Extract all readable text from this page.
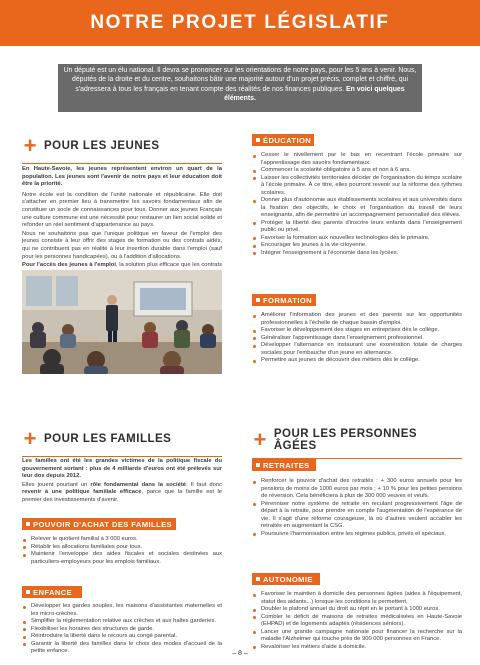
NOTRE PROJET LÉGISLATIF
Un député est un élu national. Il devra se prononcer sur les orientations de notre pays, pour les 5 ans à venir. Nous, députés de la droite et du centre, souhaitons bâtir une majorité autour d'un projet précis, complet et chiffré, qui s'adressera à tous les français en tenant compte des réalités de nos finances publiques. En voici quelques éléments.
+ POUR LES JEUNES

En Haute-Savoie, les jeunes représentent environ un quart de la population. Les jeunes sont l'avenir de notre pays et leur éducation doit être la priorité.

Notre école est la condition de l'unité nationale et républicaine. Elle doit s'attacher en premier lieu à transmettre les savoirs fondamentaux afin de constituer un socle de connaissances pour tous. Donner aux jeunes Français une culture commune est une nécessité pour restaurer un lien social solide et refonder un réel sentiment d'appartenance au pays.

Nous ne souhaitons pas que l'unique politique en faveur de l'emploi des jeunes consiste à leur offrir des stages de formation ou des contrats aidés, qui ne contribuent pas en réalité à leur insertion durable dans l'emploi (sauf pour les personnes handicapées), ou à l'addition d'allocations.

Pour l'accès des jeunes à l'emploi, la solution plus efficace que les contrats

ÉDUCATION
Cesser le nivellement par le bas en recentrant l'école primaire sur l'apprentissage des savoirs fondamentaux.
Commencer la scolarité obligatoire à 5 ans et non à 6 ans.
Laisser les collectivités territoriales décider de l'organisation du temps scolaire à l'école primaire. À ce titre, elles pourront revenir sur la réforme des rythmes scolaires.
Donner plus d'autonomie aux établissements scolaires et aux universités dans la fixation des objectifs, le choix et l'organisation du travail de leurs enseignants, afin de permettre un accompagnement personnalisé des élèves.
Protéger la liberté des parents d'inscrire leurs enfants dans l'enseignement public ou privé.
Favoriser la formation aux nouvelles technologies dès le primaire.
Encourager les jeunes à la vie citoyenne.
Intégrer l'enseignement à l'économie dans les lycées.
FORMATION
Améliorer l'information des jeunes et des parents sur les opportunités professionnelles à l'échelle de chaque bassin d'emploi.
Favoriser le développement des stages en entreprises dès le collège.
Généraliser l'apprentissage dans l'enseignement professionnel.
Développer l'alternance en instaurant une exonération totale de charges sociales pour l'embauche d'un jeune en alternance.
Permettre aux jeunes de découvrir des métiers dès le collège.
+ POUR LES FAMILLES

Les familles ont été les grandes victimes de la politique fiscale du gouvernement sortant : plus de 4 milliards d'euros ont été prélevés sur leur dos depuis 2012.

Elles jouent pourtant un rôle fondamental dans la société. Il faut donc revenir à une politique familiale efficace, parce que la famille est le premier des investissements d'avenir.

POUVOIR D'ACHAT DES FAMILLES
Relever le quotient familial à 3 000 euros.
Rétablir les allocations familiales pour tous.
Maintenir l'enveloppe des aides fiscales et sociales destinées aux particuliers-employeurs pour les emplois familiaux.
ENFANCE
Développer les gardes souples, les maisons d'assistantes maternelles et les micro-crèches.
Simplifier la réglementation relative aux crèches et aux haltes garderies.
Flexibiliser les horaires des structures de garde.
Réintroduire la liberté dans le recours au congé parental.
Garantir la liberté des familles dans le choix des modes d'accueil de la petite enfance.
+ POUR LES PERSONNES ÂGÉES
RETRAITES
Renforcer le pouvoir d'achat des retraités : + 300 euros annuels pour les pensions de moins de 1000 euros par mois ; + 10 % pour les petites pensions de réversion. Cela bénéficiera à plus de 300 000 veuves et veufs.
Pérenniser notre système de retraite en reculant progressivement l'âge de départ à la retraite, pour prendre en compte l'augmentation de l'espérance de vie. Il s'agit d'une réforme courageuse, là où d'autres veulent accabler les retraités en augmentant la CSG.
Poursuivre l'harmonisation entre les régimes publics, privés et spéciaux.
AUTONOMIE
Favoriser le maintien à domicile des personnes âgées (aides à l'équipement, statut des aidants...) lorsque les conditions le permettent.
Doubler le plafond annuel du droit au répit en le portant à 1000 euros.
Combler le déficit de maisons de retraites médicalisées en Haute-Savoie (EHPAD) et de logements adaptés (résidences séniors).
Lancer une grande campagne nationale pour financer la recherche sur la maladie l'Alzheimer qui touche près de 900 000 personnes en France.
Revaloriser les métiers d'aide à domicile.
– 8 –
